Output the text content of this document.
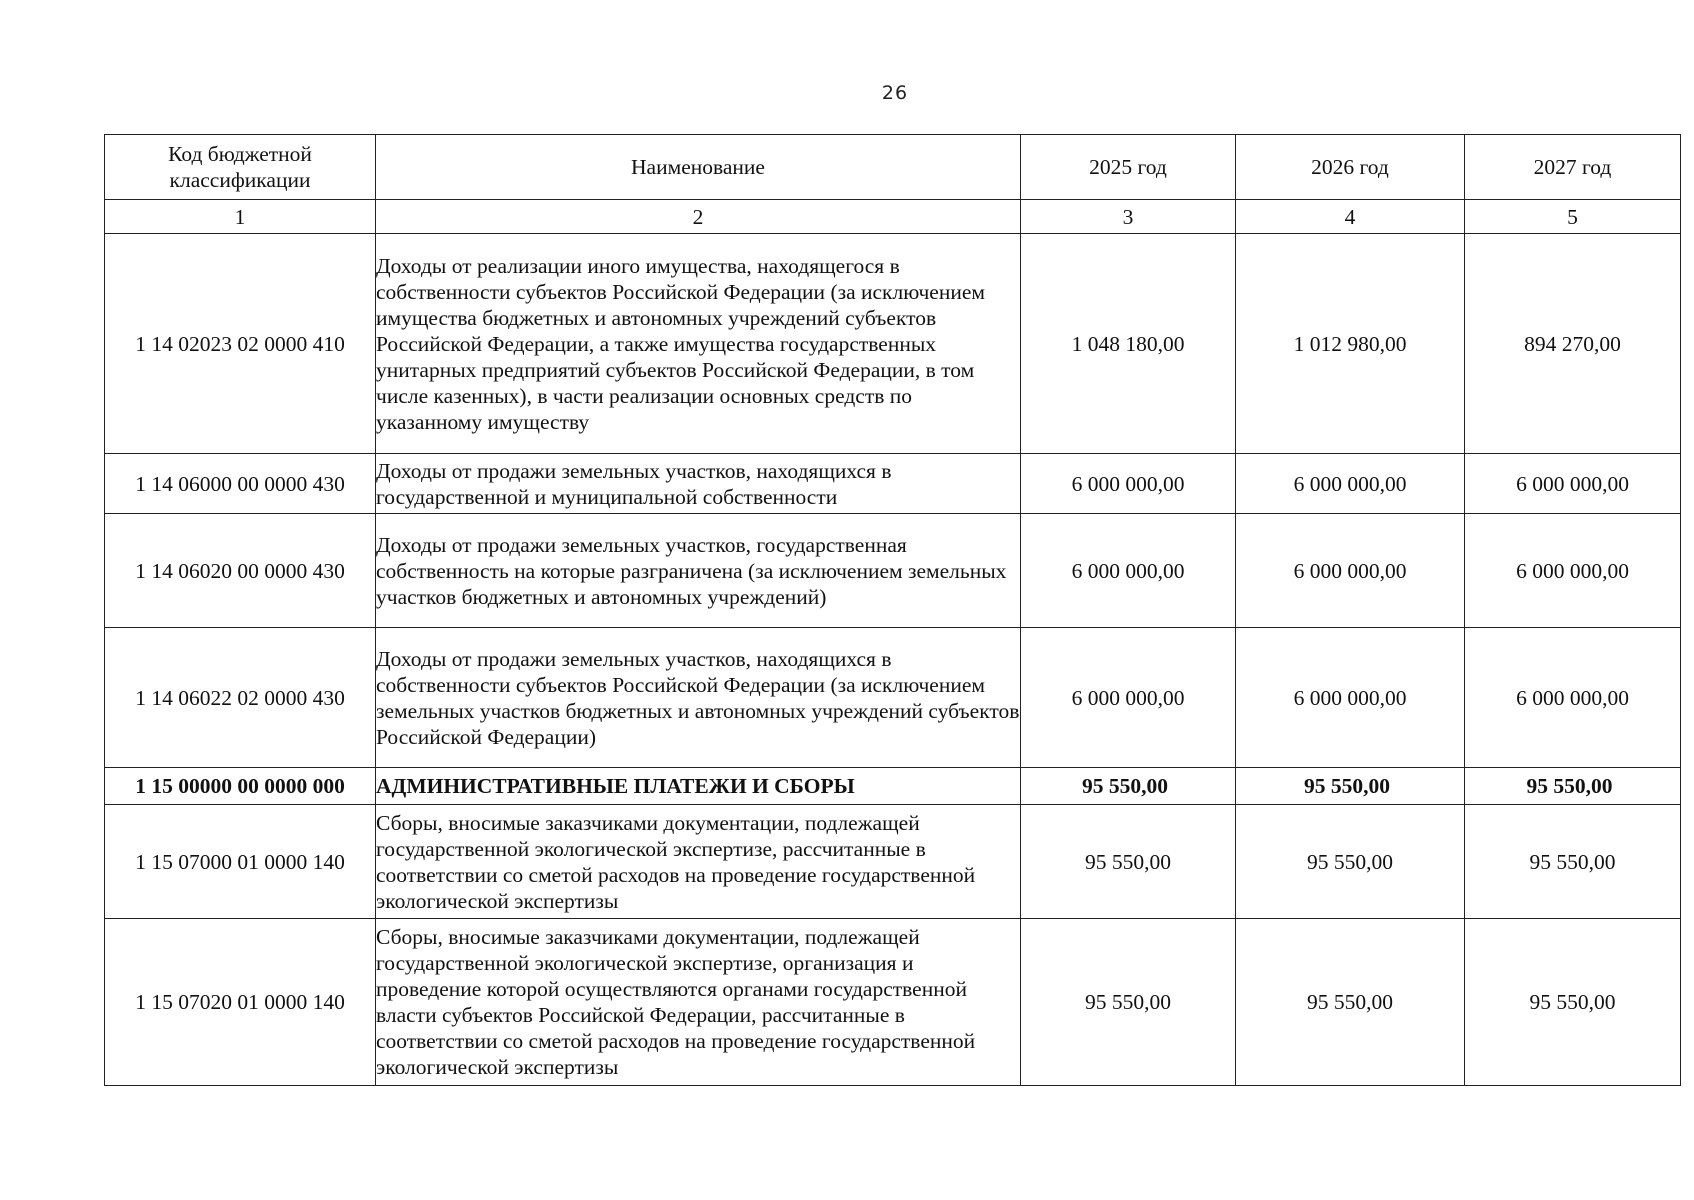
26
Код бюджетной классификации	Наименование	2025 год	2026 год	2027 год
1	2	3	4	5
1 14 02023 02 0000 410	Доходы от реализации иного имущества, находящегося в собственности субъектов Российской Федерации (за исключением имущества бюджетных и автономных учреждений субъектов Российской Федерации, а также имущества государственных унитарных предприятий субъектов Российской Федерации, в том числе казенных), в части реализации основных средств по указанному имуществу	1 048 180,00	1 012 980,00	894 270,00
1 14 06000 00 0000 430	Доходы от продажи земельных участков, находящихся в государственной и муниципальной собственности	6 000 000,00	6 000 000,00	6 000 000,00
1 14 06020 00 0000 430	Доходы от продажи земельных участков, государственная собственность на которые разграничена (за исключением земельных участков бюджетных и автономных учреждений)	6 000 000,00	6 000 000,00	6 000 000,00
1 14 06022 02 0000 430	Доходы от продажи земельных участков, находящихся в собственности субъектов Российской Федерации (за исключением земельных участков бюджетных и автономных учреждений субъектов Российской Федерации)	6 000 000,00	6 000 000,00	6 000 000,00
1 15 00000 00 0000 000	АДМИНИСТРАТИВНЫЕ ПЛАТЕЖИ И СБОРЫ	95 550,00	95 550,00	95 550,00
1 15 07000 01 0000 140	Сборы, вносимые заказчиками документации, подлежащей государственной экологической экспертизе, рассчитанные в соответствии со сметой расходов на проведение государственной экологической экспертизы	95 550,00	95 550,00	95 550,00
1 15 07020 01 0000 140	Сборы, вносимые заказчиками документации, подлежащей государственной экологической экспертизе, организация и проведение которой осуществляются органами государственной власти субъектов Российской Федерации, рассчитанные в соответствии со сметой расходов на проведение государственной экологической экспертизы	95 550,00	95 550,00	95 550,00
